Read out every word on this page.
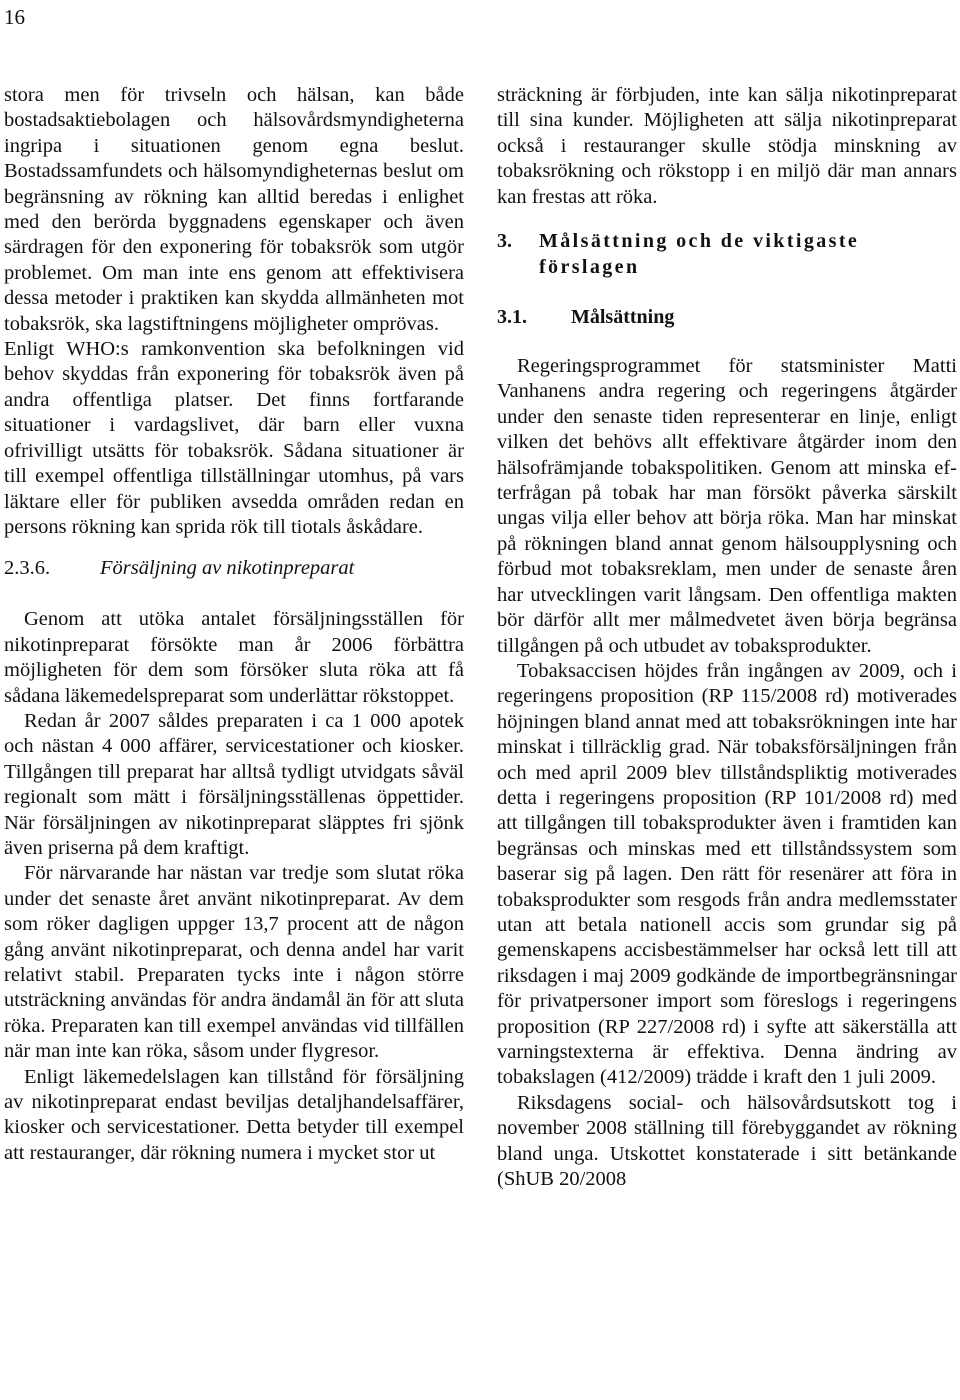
16

stora men för trivseln och hälsan, kan både bostadsaktiebolagen och hälsovårdsmyndigheterna ingripa i situationen genom egna beslut. Bostadssamfundets och hälsomyndigheternas beslut om begränsning av rökning kan alltid beredas i enlighet med den berörda byggnadens egenskaper och även särdragen för den exponering för tobaksrök som utgör problemet. Om man inte ens genom att effektivisera dessa metoder i praktiken kan skydda allmänheten mot tobaksrök, ska lagstiftningens möjligheter omprövas.

Enligt WHO:s ramkonvention ska befolkningen vid behov skyddas från exponering för tobaksrök även på andra offentliga platser. Det finns fortfarande situationer i vardagslivet, där barn eller vuxna ofrivilligt utsätts för tobaksrök. Sådana situationer är till exempel offentliga tillställningar utomhus, på vars läktare eller för publiken avsedda områden redan en persons rökning kan sprida rök till tiotals åskådare.

2.3.6. Försäljning av nikotinpreparat

Genom att utöka antalet försäljningsställen för nikotinpreparat försökte man år 2006 förbättra möjligheten för dem som försöker sluta röka att få sådana läkemedelspreparat som underlättar rökstoppet.

Redan år 2007 såldes preparaten i ca 1 000 apotek och nästan 4 000 affärer, servicestationer och kiosker. Tillgången till preparat har alltså tydligt utvidgats såväl regionalt som mätt i försäljningsställenas öppettider. När försäljningen av nikotinpreparat släpptes fri sjönk även priserna på dem kraftigt.

För närvarande har nästan var tredje som slutat röka under det senaste året använt nikotinpreparat. Av dem som röker dagligen uppger 13,7 procent att de någon gång använt nikotinpreparat, och denna andel har varit relativt stabil. Preparaten tycks inte i någon större utsträckning användas för andra ändamål än för att sluta röka. Preparaten kan till exempel användas vid tillfällen när man inte kan röka, såsom under flygresor.

Enligt läkemedelslagen kan tillstånd för försäljning av nikotinpreparat endast beviljas detaljhandelsaffärer, kiosker och servicestationer. Detta betyder till exempel att restauranger, där rökning numera i mycket stor ut

sträckning är förbjuden, inte kan sälja nikotinpreparat till sina kunder. Möjligheten att sälja nikotinpreparat också i restauranger skulle stödja minskning av tobaksrökning och rökstopp i en miljö där man annars kan frestas att röka.

3.	Målsättning och de viktigaste förslagen
3.1.	Målsättning

Regeringsprogrammet för statsminister Matti Vanhanens andra regering och regeringens åtgärder under den senaste tiden representerar en linje, enligt vilken det behövs allt effektivare åtgärder inom den hälsofrämjande tobakspolitiken. Genom att minska efterfrågan på tobak har man försökt påverka särskilt ungas vilja eller behov att börja röka. Man har minskat på rökningen bland annat genom hälsoupplysning och förbud mot tobaksreklam, men under de senaste åren har utvecklingen varit långsam. Den offentliga makten bör därför allt mer målmedvetet även börja begränsa tillgången på och utbudet av tobaksprodukter.

Tobaksaccisen höjdes från ingången av 2009, och i regeringens proposition (RP 115/2008 rd) motiverades höjningen bland annat med att tobaksrökningen inte har minskat i tillräcklig grad. När tobaksförsäljningen från och med april 2009 blev tillståndspliktig motiverades detta i regeringens proposition (RP 101/2008 rd) med att tillgången till tobaksprodukter även i framtiden kan begränsas och minskas med ett tillståndssystem som baserar sig på lagen. Den rätt för resenärer att föra in tobaksprodukter som resgods från andra medlemsstater utan att betala nationell accis som grundar sig på gemenskapens accisbestämmelser har också lett till att riksdagen i maj 2009 godkände de importbegränsningar för privatpersoner import som föreslogs i regeringens proposition (RP 227/2008 rd) i syfte att säkerställa att varningstexterna är effektiva. Denna ändring av tobakslagen (412/2009) trädde i kraft den 1 juli 2009.

Riksdagens social- och hälsovårdsutskott tog i november 2008 ställning till förebyggandet av rökning bland unga. Utskottet konstaterade i sitt betänkande (ShUB 20/2008
